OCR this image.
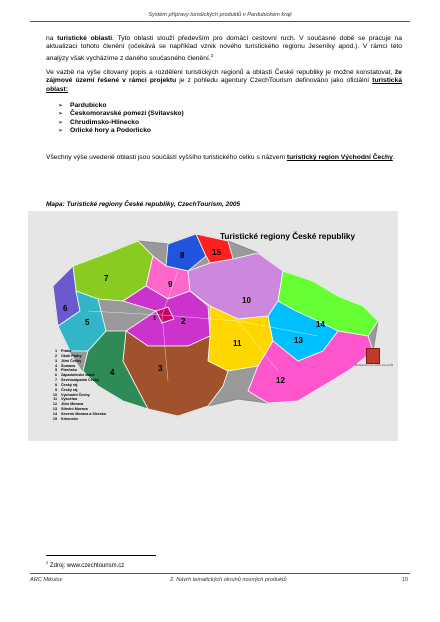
Systém přípravy turistických produktů v Pardubickém kraji
na turistické oblasti. Tyto oblasti slouží především pro domácí cestovní ruch. V současné době se pracuje na aktualizaci tohoto členění (očekává se například vznik nového turistického regionu Jeseníky apod.). V rámci této analýzy však vycházíme z daného současného členění.$^2$
Ve vazbě na výše citovaný popis a rozdělení turistických regionů a oblastí České republiky je možné konstatovat, že zájmové území řešené v rámci projektu je z pohledu agentury CzechTourism definováno jako oficiální turistická oblast:
➢ Pardubicko
➢ Českomoravské pomezí (Svitavsko)
➢ Chrudimsko-Hlinecko
➢ Orlické hory a Podorlicko
Všechny výše uvedené oblasti jsou součástí vyššího turistického celku s názvem turistický region Východní Čechy.
Mapa: Turistické regiony České republiky, CzechTourism, 2005
7
8	15
9
6
5	1	2
10
14
11	13
12
3
4
Turistické regiony České republiky
Ministerstvo pro místní rozvoj ČR
1 Praha
2 Okolí Prahy
3 Jižní Čechy
4 Šumava
5 Plzeňsko
6 Západočeské lázně
7 Severozápadní Čechy
8 Český ráj
9 Český ráj
10 Východní Čechy
11 Vysočina
12 Jižní Morava
13 Střední Morava
14 Severní Morava a Slezsko
15 Krkonoše
$^2$ Zdroj: www.czechtourism.cz
ARC Mikulov	2. Návrh tematických okruhů nosných produktů	10
